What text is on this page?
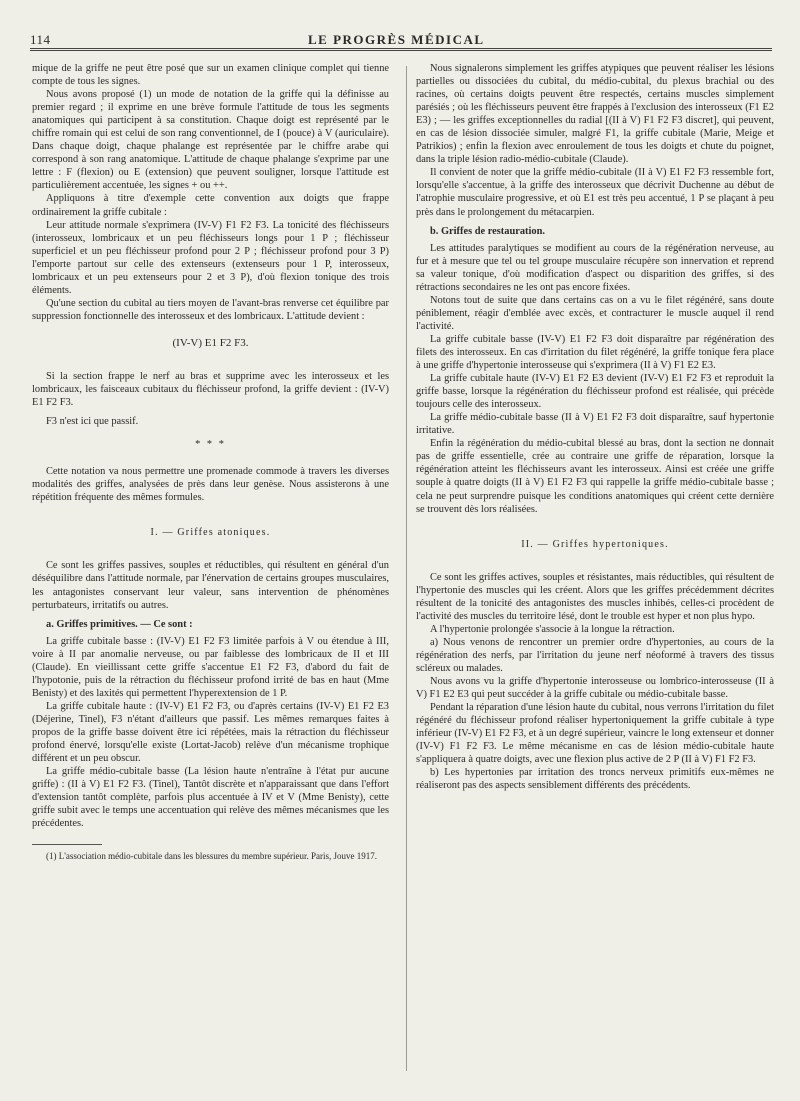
114	LE PROGRÈS MÉDICAL

mique de la griffe ne peut être posé que sur un examen clinique complet qui tienne compte de tous les signes.

Nous avons proposé (1) un mode de notation de la griffe qui la définisse au premier regard ; il exprime en une brève formule l'attitude de tous les segments anatomiques qui participent à sa constitution. Chaque doigt est représenté par le chiffre romain qui est celui de son rang conventionnel, de I (pouce) à V (auriculaire). Dans chaque doigt, chaque phalange est représentée par le chiffre arabe qui correspond à son rang anatomique. L'attitude de chaque phalange s'exprime par une lettre : F (flexion) ou E (extension) que peuvent souligner, lorsque l'attitude est particulièrement accentuée, les signes + ou ++.

Appliquons à titre d'exemple cette convention aux doigts que frappe ordinairement la griffe cubitale :

Leur attitude normale s'exprimera (IV-V) F1 F2 F3. La tonicité des fléchisseurs (interosseux, lombricaux et un peu fléchisseurs longs pour 1 P ; fléchisseur superficiel et un peu fléchisseur profond pour 2 P ; fléchisseur profond pour 3 P) l'emporte partout sur celle des extenseurs (extenseurs pour 1 P, interosseux, lombricaux et un peu extenseurs pour 2 et 3 P), d'où flexion tonique des trois éléments.

Qu'une section du cubital au tiers moyen de l'avant-bras renverse cet équilibre par suppression fonctionnelle des interosseux et des lombricaux. L'attitude devient :

(IV-V) E1 F2 F3.

Si la section frappe le nerf au bras et supprime avec les interosseux et les lombricaux, les faisceaux cubitaux du fléchisseur profond, la griffe devient : (IV-V) E1 F2 F3.

F3 n'est ici que passif.

* * *

Cette notation va nous permettre une promenade commode à travers les diverses modalités des griffes, analysées de près dans leur genèse. Nous assisterons à une répétition fréquente des mêmes formules.

I. — Griffes atoniques.

Ce sont les griffes passives, souples et réductibles, qui résultent en général d'un déséquilibre dans l'attitude normale, par l'énervation de certains groupes musculaires, les antagonistes conservant leur valeur, sans intervention de phénomènes perturbateurs, irritatifs ou autres.

a. Griffes primitives. — Ce sont :

La griffe cubitale basse : (IV-V) E1 F2 F3 limitée parfois à V ou étendue à III, voire à II par anomalie nerveuse, ou par faiblesse des lombricaux de II et III (Claude). En vieillissant cette griffe s'accentue E1 F2 F3, d'abord du fait de l'hypotonie, puis de la rétraction du fléchisseur profond irrité de bas en haut (Mme Benisty) et des laxités qui permettent l'hyperextension de 1 P.

La griffe cubitale haute : (IV-V) E1 F2 F3, ou d'après certains (IV-V) E1 F2 E3 (Déjerine, Tinel), F3 n'étant d'ailleurs que passif. Les mêmes remarques faites à propos de la griffe basse doivent être ici répétées, mais la rétraction du fléchisseur profond énervé, lorsqu'elle existe (Lortat-Jacob) relève d'un mécanisme trophique différent et un peu obscur.

La griffe médio-cubitale basse (La lésion haute n'entraîne à l'état pur aucune griffe) : (II à V) E1 F2 F3. (Tinel), Tantôt discrète et n'apparaissant que dans l'effort d'extension tantôt complète, parfois plus accentuée à IV et V (Mme Benisty), cette griffe subit avec le temps une accentuation qui relève des mêmes mécanismes que les précédentes.

(1) L'association médio-cubitale dans les blessures du membre supérieur. Paris, Jouve 1917.

Nous signalerons simplement les griffes atypiques que peuvent réaliser les lésions partielles ou dissociées du cubital, du médio-cubital, du plexus brachial ou des racines, où certains doigts peuvent être respectés, certains muscles simplement parésiés ; où les fléchisseurs peuvent être frappés à l'exclusion des interosseux (F1 E2 E3) ; — les griffes exceptionnelles du radial [(II à V) F1 F2 F3 discret], qui peuvent, en cas de lésion dissociée simuler, malgré F1, la griffe cubitale (Marie, Meige et Patrikios) ; enfin la flexion avec enroulement de tous les doigts et chute du poignet, dans la triple lésion radio-médio-cubitale (Claude).

Il convient de noter que la griffe médio-cubitale (II à V) E1 F2 F3 ressemble fort, lorsqu'elle s'accentue, à la griffe des interosseux que décrivit Duchenne au début de l'atrophie musculaire progressive, et où E1 est très peu accentué, 1 P se plaçant à peu près dans le prolongement du métacarpien.

b. Griffes de restauration.

Les attitudes paralytiques se modifient au cours de la régénération nerveuse, au fur et à mesure que tel ou tel groupe musculaire récupère son innervation et reprend sa valeur tonique, d'où modification d'aspect ou disparition des griffes, si des rétractions secondaires ne les ont pas encore fixées.

Notons tout de suite que dans certains cas on a vu le filet régénéré, sans doute péniblement, réagir d'emblée avec excès, et contracturer le muscle auquel il rend l'activité.

La griffe cubitale basse (IV-V) E1 F2 F3 doit disparaître par régénération des filets des interosseux. En cas d'irritation du filet régénéré, la griffe tonique fera place à une griffe d'hypertonie interosseuse qui s'exprimera (II à V) F1 E2 E3.

La griffe cubitale haute (IV-V) E1 F2 E3 devient (IV-V) E1 F2 F3 et reproduit la griffe basse, lorsque la régénération du fléchisseur profond est réalisée, qui précède toujours celle des interosseux.

La griffe médio-cubitale basse (II à V) E1 F2 F3 doit disparaître, sauf hypertonie irritative.

Enfin la régénération du médio-cubital blessé au bras, dont la section ne donnait pas de griffe essentielle, crée au contraire une griffe de réparation, lorsque la régénération atteint les fléchisseurs avant les interosseux. Ainsi est créée une griffe souple à quatre doigts (II à V) E1 F2 F3 qui rappelle la griffe médio-cubitale basse ; cela ne peut surprendre puisque les conditions anatomiques qui créent cette dernière se trouvent dès lors réalisées.

II. — Griffes hypertoniques.

Ce sont les griffes actives, souples et résistantes, mais réductibles, qui résultent de l'hypertonie des muscles qui les créent. Alors que les griffes précédemment décrites résultent de la tonicité des antagonistes des muscles inhibés, celles-ci procèdent de l'activité des muscles du territoire lésé, dont le trouble est hyper et non plus hypo.

A l'hypertonie prolongée s'associe à la longue la rétraction.

a) Nous venons de rencontrer un premier ordre d'hypertonies, au cours de la régénération des nerfs, par l'irritation du jeune nerf néoformé à travers des tissus scléreux ou malades.

Nous avons vu la griffe d'hypertonie interosseuse ou lombrico-interosseuse (II à V) F1 E2 E3 qui peut succéder à la griffe cubitale ou médio-cubitale basse.

Pendant la réparation d'une lésion haute du cubital, nous verrons l'irritation du filet régénéré du fléchisseur profond réaliser hypertoniquement la griffe cubitale à type inférieur (IV-V) E1 F2 F3, et à un degré supérieur, vaincre le long extenseur et donner (IV-V) F1 F2 F3. Le même mécanisme en cas de lésion médio-cubitale haute s'appliquera à quatre doigts, avec une flexion plus active de 2 P (II à V) F1 F2 F3.

b) Les hypertonies par irritation des troncs nerveux primitifs eux-mêmes ne réaliseront pas des aspects sensiblement différents des précédents.
